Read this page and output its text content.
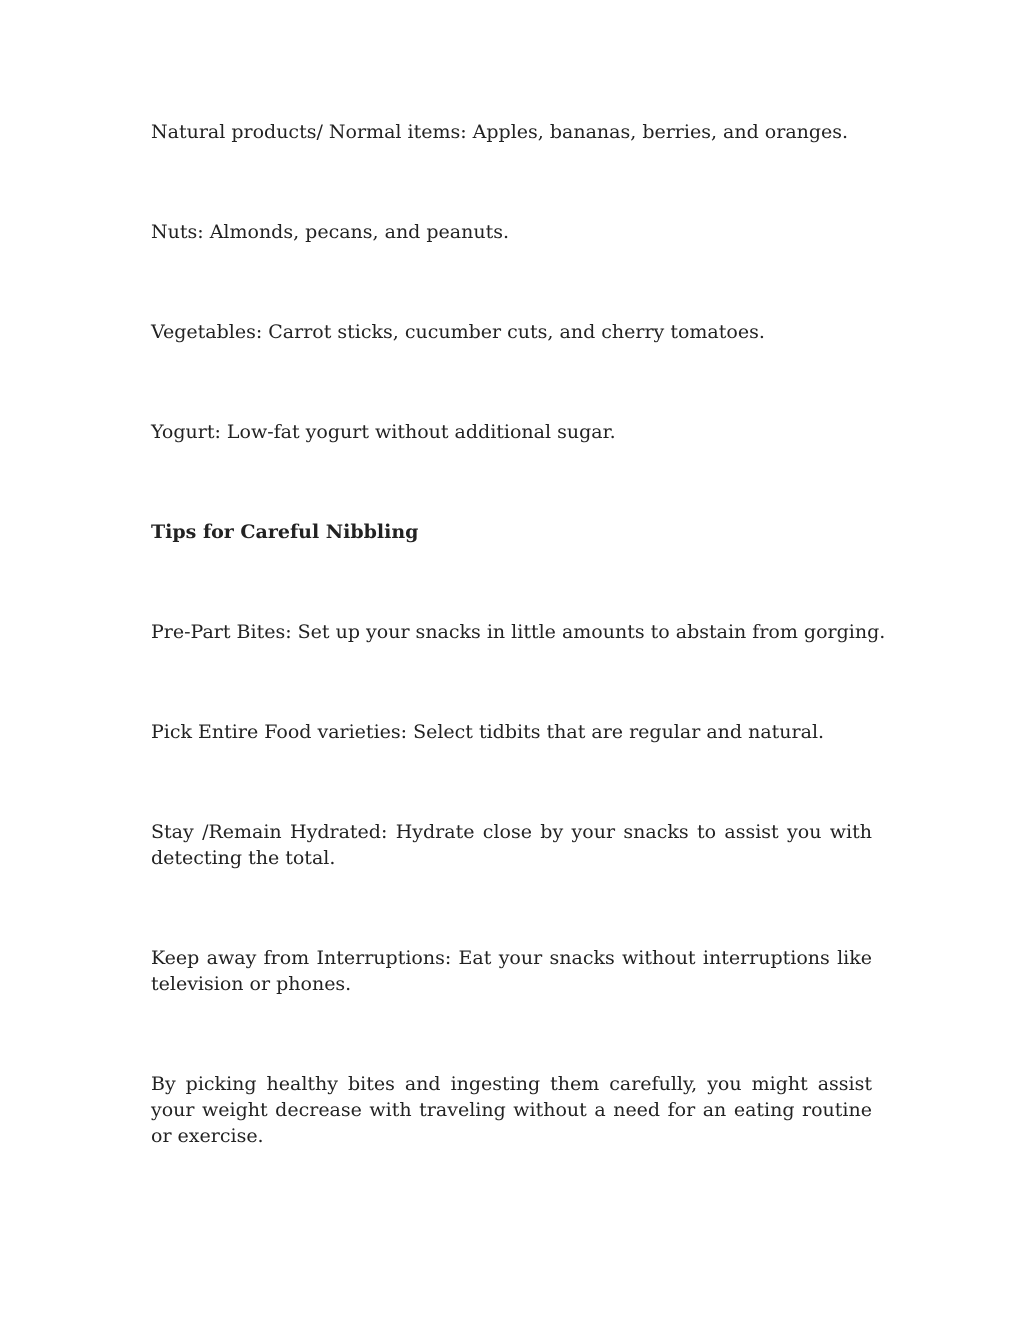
Natural products/ Normal items: Apples, bananas, berries, and oranges.

Nuts: Almonds, pecans, and peanuts.

Vegetables: Carrot sticks, cucumber cuts, and cherry tomatoes.

Yogurt: Low-fat yogurt without additional sugar.

Tips for Careful Nibbling

Pre-Part Bites: Set up your snacks in little amounts to abstain from gorging.

Pick Entire Food varieties: Select tidbits that are regular and natural.

Stay /Remain Hydrated: Hydrate close by your snacks to assist you with detecting the total.

Keep away from Interruptions: Eat your snacks without interruptions like television or phones.

By picking healthy bites and ingesting them carefully, you might assist your weight decrease with traveling without a need for an eating routine or exercise.
